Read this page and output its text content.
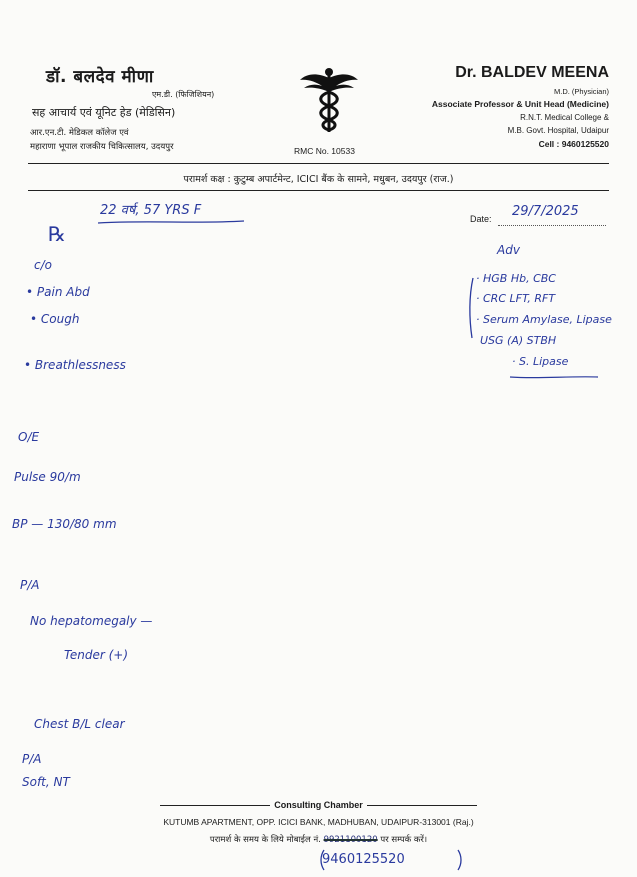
डॉ. बलदेव मीणा
एम.डी. (फिजिशियन)
सह आचार्य एवं यूनिट हेड (मेडिसिन)
आर.एन.टी. मेडिकल कॉलेज एवं
महाराणा भूपाल राजकीय चिकित्सालय, उदयपुर	RMC No. 10533
Dr. BALDEV MEENA
M.D. (Physician)
Associate Professor & Unit Head (Medicine)
R.N.T. Medical College &
M.B. Govt. Hospital, Udaipur
Cell : 9460125520
परामर्श कक्ष : कुटुम्ब अपार्टमेन्ट, ICICI बैंक के सामने, मधुबन, उदयपुर (राज.)
Date: 29/7/2025
22 वर्ष, 57 YRS F
℞
c/o
• Pain Abd
• Cough
• Breathlessness
O/E
Pulse 90/m
BP — 130/80 mm
P/A
No hepatomegaly —
Tender (+)
Chest B/L clear
P/A
Soft, NT
Adv
· HGB Hb, CBC
· CRC LFT, RFT
· Serum Amylase, Lipase
USG (A) STBH
· S. Lipase
Consulting Chamber
KUTUMB APARTMENT, OPP. ICICI BANK, MADHUBAN, UDAIPUR-313001 (Raj.)
परामर्श के समय के लिये मोबाईल नं. 9921100120 पर सम्पर्क करें।
9460125520
